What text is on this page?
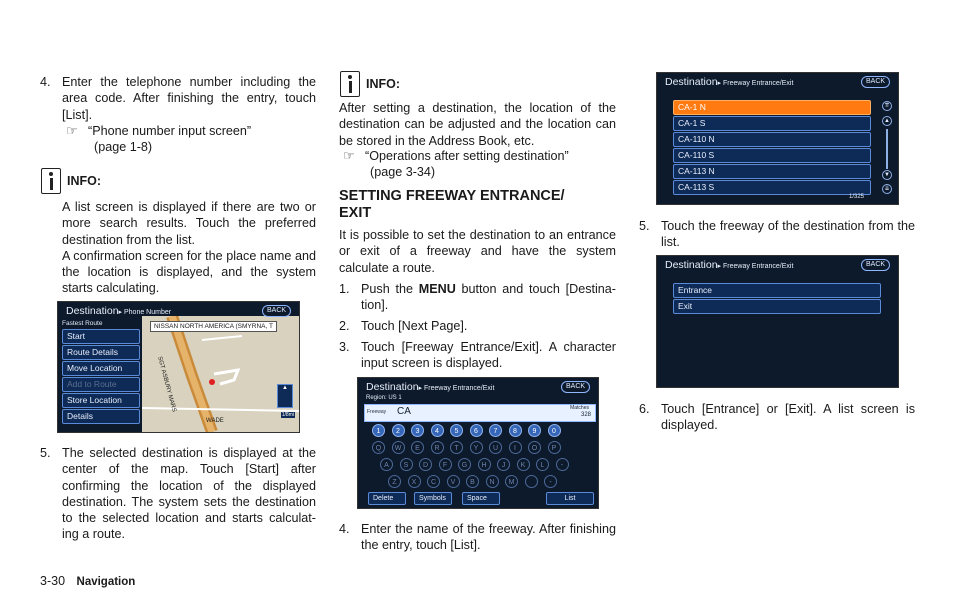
4. Enter the telephone number including the area code. After finishing the entry, touch [List].
☞ “Phone number input screen”
(page 1-8)
INFO:
A list screen is displayed if there are two or more search results. Touch the preferred destination from the list.
A confirmation screen for the place name and the location is displayed, and the system starts calculating.
NISSAN NORTH AMERICA (SMYRNA, T
SGT ASBURY MARS
WADE
▲
1/8mi
Destination▸ Phone Number	BACK
Fastest Route
Start
Route Details
Move Location
Add to Route
Store Location
Details
5. The selected destination is displayed at the center of the map. Touch [Start] after confirming the location of the displayed destination. The system sets the destination to the selected location and starts calculat-ing a route.
INFO:
After setting a destination, the location of the destination can be adjusted and the location can be stored in the Address Book, etc.
☞ “Operations after setting destination”
(page 3-34)
SETTING FREEWAY ENTRANCE/ EXIT
It is possible to set the destination to an entrance or exit of a freeway and have the system calculate a route.
1. Push the MENU button and touch [Destina-tion].
2. Touch [Next Page].
3. Touch [Freeway Entrance/Exit]. A character input screen is displayed.
Destination▸ Freeway Entrance/Exit	BACK
Region: US 1
Freeway CA	Matches
328
1	2	3	4	5	6	7	8	9	0
Q	W	E	R	T	Y	U	I	O	P
A	S	D	F	G	H	J	K	L	-
Z	X	C	V	B	N	M	-
Delete	Symbols	Space	List
4. Enter the name of the freeway. After finishing the entry, touch [List].
Destination▸ Freeway Entrance/Exit	BACK
CA-1 N
CA-1 S
CA-110 N
CA-110 S
CA-113 N
CA-113 S
⇈
▲
▼
⇊
1/325
5. Touch the freeway of the destination from the list.
Destination▸ Freeway Entrance/Exit	BACK
Entrance
Exit
6. Touch [Entrance] or [Exit]. A list screen is displayed.
3-30 Navigation
